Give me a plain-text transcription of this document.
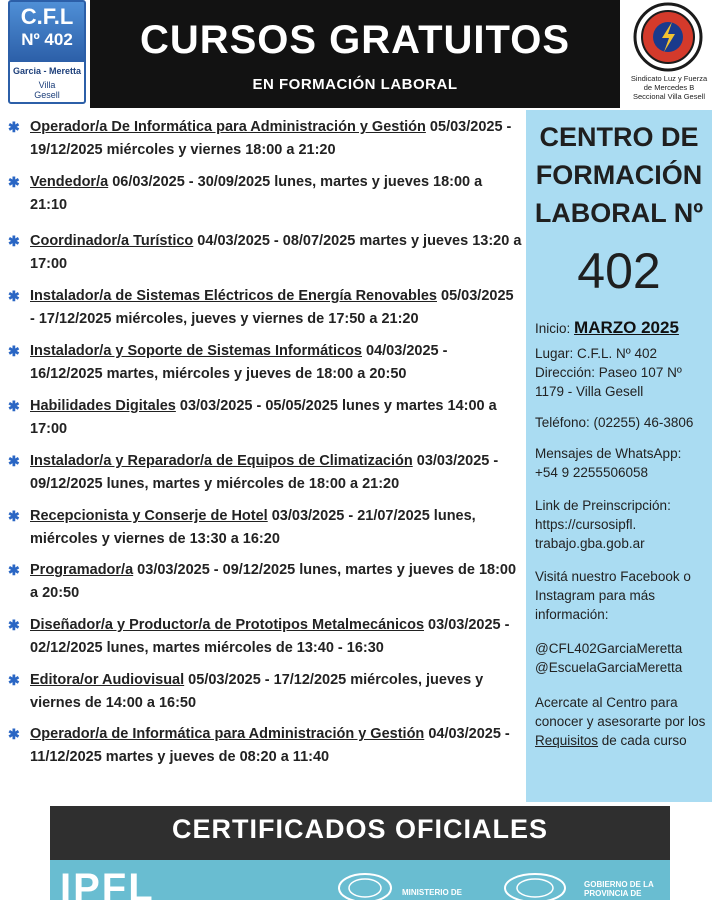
CURSOS GRATUITOS
EN FORMACIÓN LABORAL
C.F.L
Nº 402
Garcia - Meretta
Villa
Gesell
Sindicato Luz y Fuerza
de Mercedes B
Seccional Villa Gesell
✱ Operador/a De Informática para Administración y Gestión 05/03/2025 - 19/12/2025 miércoles y viernes 18:00 a 21:20
✱ Vendedor/a 06/03/2025 - 30/09/2025 lunes, martes y jueves 18:00 a 21:10
✱ Coordinador/a Turístico 04/03/2025 - 08/07/2025 martes y jueves 13:20 a 17:00
✱ Instalador/a de Sistemas Eléctricos de Energía Renovables 05/03/2025 - 17/12/2025 miércoles, jueves y viernes de 17:50 a 21:20
✱ Instalador/a y Soporte de Sistemas Informáticos 04/03/2025 - 16/12/2025 martes, miércoles y jueves de 18:00 a 20:50
✱ Habilidades Digitales 03/03/2025 - 05/05/2025 lunes y martes 14:00 a 17:00
✱ Instalador/a y Reparador/a de Equipos de Climatización 03/03/2025 - 09/12/2025 lunes, martes y miércoles de 18:00 a 21:20
✱ Recepcionista y Conserje de Hotel 03/03/2025 - 21/07/2025 lunes, miércoles y viernes de 13:30 a 16:20
✱ Programador/a 03/03/2025 - 09/12/2025 lunes, martes y jueves de 18:00 a 20:50
✱ Diseñador/a y Productor/a de Prototipos Metalmecánicos 03/03/2025 - 02/12/2025 lunes, martes miércoles de 13:40 - 16:30
✱ Editora/or Audiovisual 05/03/2025 - 17/12/2025 miércoles, jueves y viernes de 14:00 a 16:50
✱ Operador/a de Informática para Administración y Gestión 04/03/2025 - 11/12/2025 martes y jueves de 08:20 a 11:40
CENTRO DE
FORMACIÓN
LABORAL Nº
402
Inicio: MARZO 2025
Lugar: C.F.L. Nº 402
Dirección: Paseo 107 Nº 1179 - Villa Gesell
Teléfono: (02255) 46-3806
Mensajes de WhatsApp:
+54 9 2255506058
Link de Preinscripción:
https://cursosipfl.
trabajo.gba.gob.ar
Visitá nuestro Facebook o Instagram para más información:
@CFL402GarciaMeretta
@EscuelaGarciaMeretta
Acercate al Centro para conocer y asesorarte por los Requisitos de cada curso
CERTIFICADOS OFICIALES
IPFL	MINISTERIO DE
GOBIERNO DE LA
PROVINCIA DE
